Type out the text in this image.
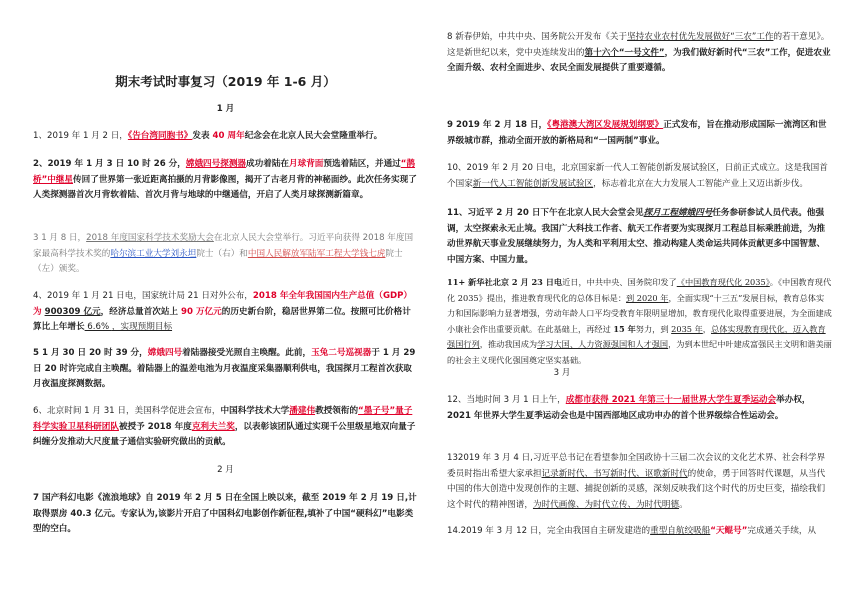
期末考试时事复习（2019 年 1-6 月）
1 月

1、2019 年 1 月 2 日，《告台湾同胞书》发表 40 周年纪念会在北京人民大会堂隆重举行。

2、2019 年 1 月 3 日 10 时 26 分，嫦娥四号探测器成功着陆在月球背面预选着陆区，并通过“鹊桥”中继星传回了世界第一张近距离拍摄的月背影像图，揭开了古老月背的神秘面纱。此次任务实现了人类探测器首次月背软着陆、首次月背与地球的中继通信，开启了人类月球探测新篇章。

3 1 月 8 日，2018 年度国家科学技术奖励大会在北京人民大会堂举行。习近平向获得 2018 年度国家最高科学技术奖的哈尔滨工业大学刘永坦院士（右）和中国人民解放军陆军工程大学钱七虎院士（左）颁奖。

4、2019 年 1 月 21 日电，国家统计局 21 日对外公布，2018 年全年我国国内生产总值（GDP）为 900309 亿元，经济总量首次站上 90 万亿元的历史新台阶，稳居世界第二位。按照可比价格计算比上年增长 6.6% ，实现预期目标

5 1 月 30 日 20 时 39 分，嫦娥四号着陆器接受光照自主唤醒。此前，玉兔二号巡视器于 1 月 29 日 20 时许完成自主唤醒。着陆器上的温差电池为月夜温度采集器顺利供电，我国探月工程首次获取月夜温度探测数据。

6、北京时间 1 月 31 日，美国科学促进会宣布，中国科学技术大学潘建伟教授领衔的“墨子号”量子科学实验卫星科研团队被授予 2018 年度克利夫兰奖，以表彰该团队通过实现千公里级星地双向量子纠缠分发推动大尺度量子通信实验研究做出的贡献。

2 月

7 国产科幻电影《流浪地球》自 2019 年 2 月 5 日在全国上映以来，截至 2019 年 2 月 19 日,计取得票房 40.3 亿元。专家认为,该影片开启了中国科幻电影创作新征程,填补了中国“硬科幻”电影类型的空白。

8 新春伊始，中共中央、国务院公开发布《关于坚持农业农村优先发展做好“三农”工作的若干意见》。这是新世纪以来，党中央连续发出的第十六个“一号文件”，为我们做好新时代“三农”工作，促进农业全面升级、农村全面进步、农民全面发展提供了重要遵循。

9 2019 年 2 月 18 日，《粤港澳大湾区发展规划纲要》正式发布，旨在推动形成国际一流湾区和世界级城市群，推动全面开放的新格局和“一国两制”事业。

10、2019 年 2 月 20 日电，北京国家新一代人工智能创新发展试验区，日前正式成立。这是我国首个国家新一代人工智能创新发展试验区，标志着北京在大力发展人工智能产业上又迈出新步伐。

11、习近平 2 月 20 日下午在北京人民大会堂会见探月工程嫦娥四号任务参研参试人员代表。他强调，太空探索永无止境。我国广大科技工作者、航天工作者要为实现探月工程总目标乘胜前进，为推动世界航天事业发展继续努力，为人类和平利用太空、推动构建人类命运共同体贡献更多中国智慧、中国方案、中国力量。

11+ 新华社北京 2 月 23 日电近日，中共中央、国务院印发了《中国教育现代化 2035》。《中国教育现代化 2035》提出，推进教育现代化的总体目标是：到 2020 年，全面实现“十三五”发展目标，教育总体实力和国际影响力显著增强，劳动年龄人口平均受教育年限明显增加，教育现代化取得重要进展，为全面建成小康社会作出重要贡献。在此基础上，再经过 15 年努力，到 2035 年，总体实现教育现代化，迈入教育强国行列，推动我国成为学习大国、人力资源强国和人才强国，为到本世纪中叶建成富强民主文明和谐美丽的社会主义现代化强国奠定坚实基础。

3 月

12、当地时间 3 月 1 日上午，成都市获得 2021 年第三十一届世界大学生夏季运动会举办权，2021 年世界大学生夏季运动会也是中国西部地区成功申办的首个世界级综合性运动会。

132019 年 3 月 4 日,习近平总书记在看望参加全国政协十三届二次会议的文化艺术界、社会科学界委员时指出希望大家承担记录新时代、书写新时代、讴歌新时代的使命，勇于回答时代课题，从当代中国的伟大创造中发现创作的主题、捕捉创新的灵感，深刻反映我们这个时代的历史巨变，描绘我们这个时代的精神图谱，为时代画像、为时代立传、为时代明德。

14.2019 年 3 月 12 日，完全由我国自主研发建造的重型自航绞吸船“天鲲号”完成通关手续，从
